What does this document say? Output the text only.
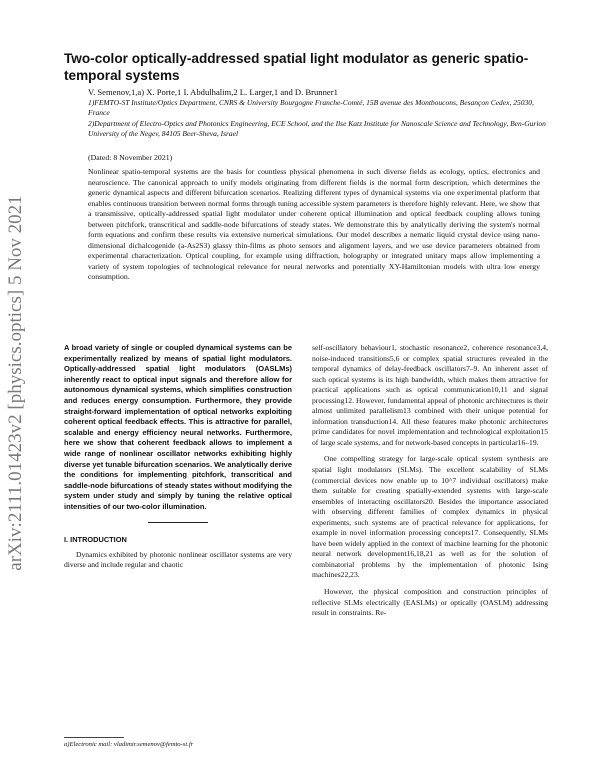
arXiv:2111.01423v2 [physics.optics] 5 Nov 2021
Two-color optically-addressed spatial light modulator as generic spatio-temporal systems
V. Semenov,1,a) X. Porte,1 I. Abdulhalim,2 L. Larger,1 and D. Brunner1
1)FEMTO-ST Institute/Optics Department, CNRS & University Bourgogne Franche-Comté, 15B avenue des Montboucons, Besançon Cedex, 25030, France
2)Department of Electro-Optics and Photonics Engineering, ECE School, and the Ilse Katz Institute for Nanoscale Science and Technology, Ben-Gurion University of the Negev, 84105 Beer-Sheva, Israel
(Dated: 8 November 2021)

Nonlinear spatio-temporal systems are the basis for countless physical phenomena in such diverse fields as ecology, optics, electronics and neuroscience. The canonical approach to unify models originating from different fields is the normal form description, which determines the generic dynamical aspects and different bifurcation scenarios. Realizing different types of dynamical systems via one experimental platform that enables continuous transition between normal forms through tuning accessible system parameters is therefore highly relevant. Here, we show that a transmissive, optically-addressed spatial light modulator under coherent optical illumination and optical feedback coupling allows tuning between pitchfork, transcritical and saddle-node bifurcations of steady states. We demonstrate this by analytically deriving the system's normal form equations and confirm these results via extensive numerical simulations. Our model describes a nematic liquid crystal device using nano-dimensional dichalcogenide (a-As2S3) glassy thin-films as photo sensors and alignment layers, and we use device parameters obtained from experimental characterization. Optical coupling, for example using diffraction, holography or integrated unitary maps allow implementing a variety of system topologies of technological relevance for neural networks and potentially XY-Hamiltonian models with ultra low energy consumption.

A broad variety of single or coupled dynamical systems can be experimentally realized by means of spatial light modulators. Optically-addressed spatial light modulators (OASLMs) inherently react to optical input signals and therefore allow for autonomous dynamical systems, which simplifies construction and reduces energy consumption. Furthermore, they provide straight-forward implementation of optical networks exploiting coherent optical feedback effects. This is attractive for parallel, scalable and energy efficiency neural networks. Furthermore, here we show that coherent feedback allows to implement a wide range of nonlinear oscillator networks exhibiting highly diverse yet tunable bifurcation scenarios. We analytically derive the conditions for implementing pitchfork, transcritical and saddle-node bifurcations of steady states without modifying the system under study and simply by tuning the relative optical intensities of our two-color illumination.

I. INTRODUCTION

Dynamics exhibited by photonic nonlinear oscillator systems are very diverse and include regular and chaotic

self-oscillatory behaviour1, stochastic resonance2, coherence resonance3,4, noise-induced transitions5,6 or complex spatial structures revealed in the temporal dynamics of delay-feedback oscillators7–9. An inherent asset of such optical systems is its high bandwidth, which makes them attractive for practical applications such as optical communication10,11 and signal processing12. However, fundamental appeal of photonic architectures is their almost unlimited parallelism13 combined with their unique potential for information transduction14. All these features make photonic architectures prime candidates for novel implementation and technological exploitation15 of large scale systems, and for network-based concepts in particular16–19.

One compelling strategy for large-scale optical system synthesis are spatial light modulators (SLMs). The excellent scalability of SLMs (commercial devices now enable up to 10^7 individual oscillators) make them suitable for creating spatially-extended systems with large-scale ensembles of interacting oscillators20. Besides the importance associated with observing different families of complex dynamics in physical experiments, such systems are of practical relevance for applications, for example in novel information processing concepts17. Consequently, SLMs have been widely applied in the context of machine learning for the photonic neural network development16,18,21 as well as for the solution of combinatorial problems by the implementation of photonic Ising machines22,23.

However, the physical composition and construction principles of reflective SLMs electrically (EASLMs) or optically (OASLM) addressing result in constraints. Re-

a)Electronic mail: vladimir.semenov@femto-st.fr
